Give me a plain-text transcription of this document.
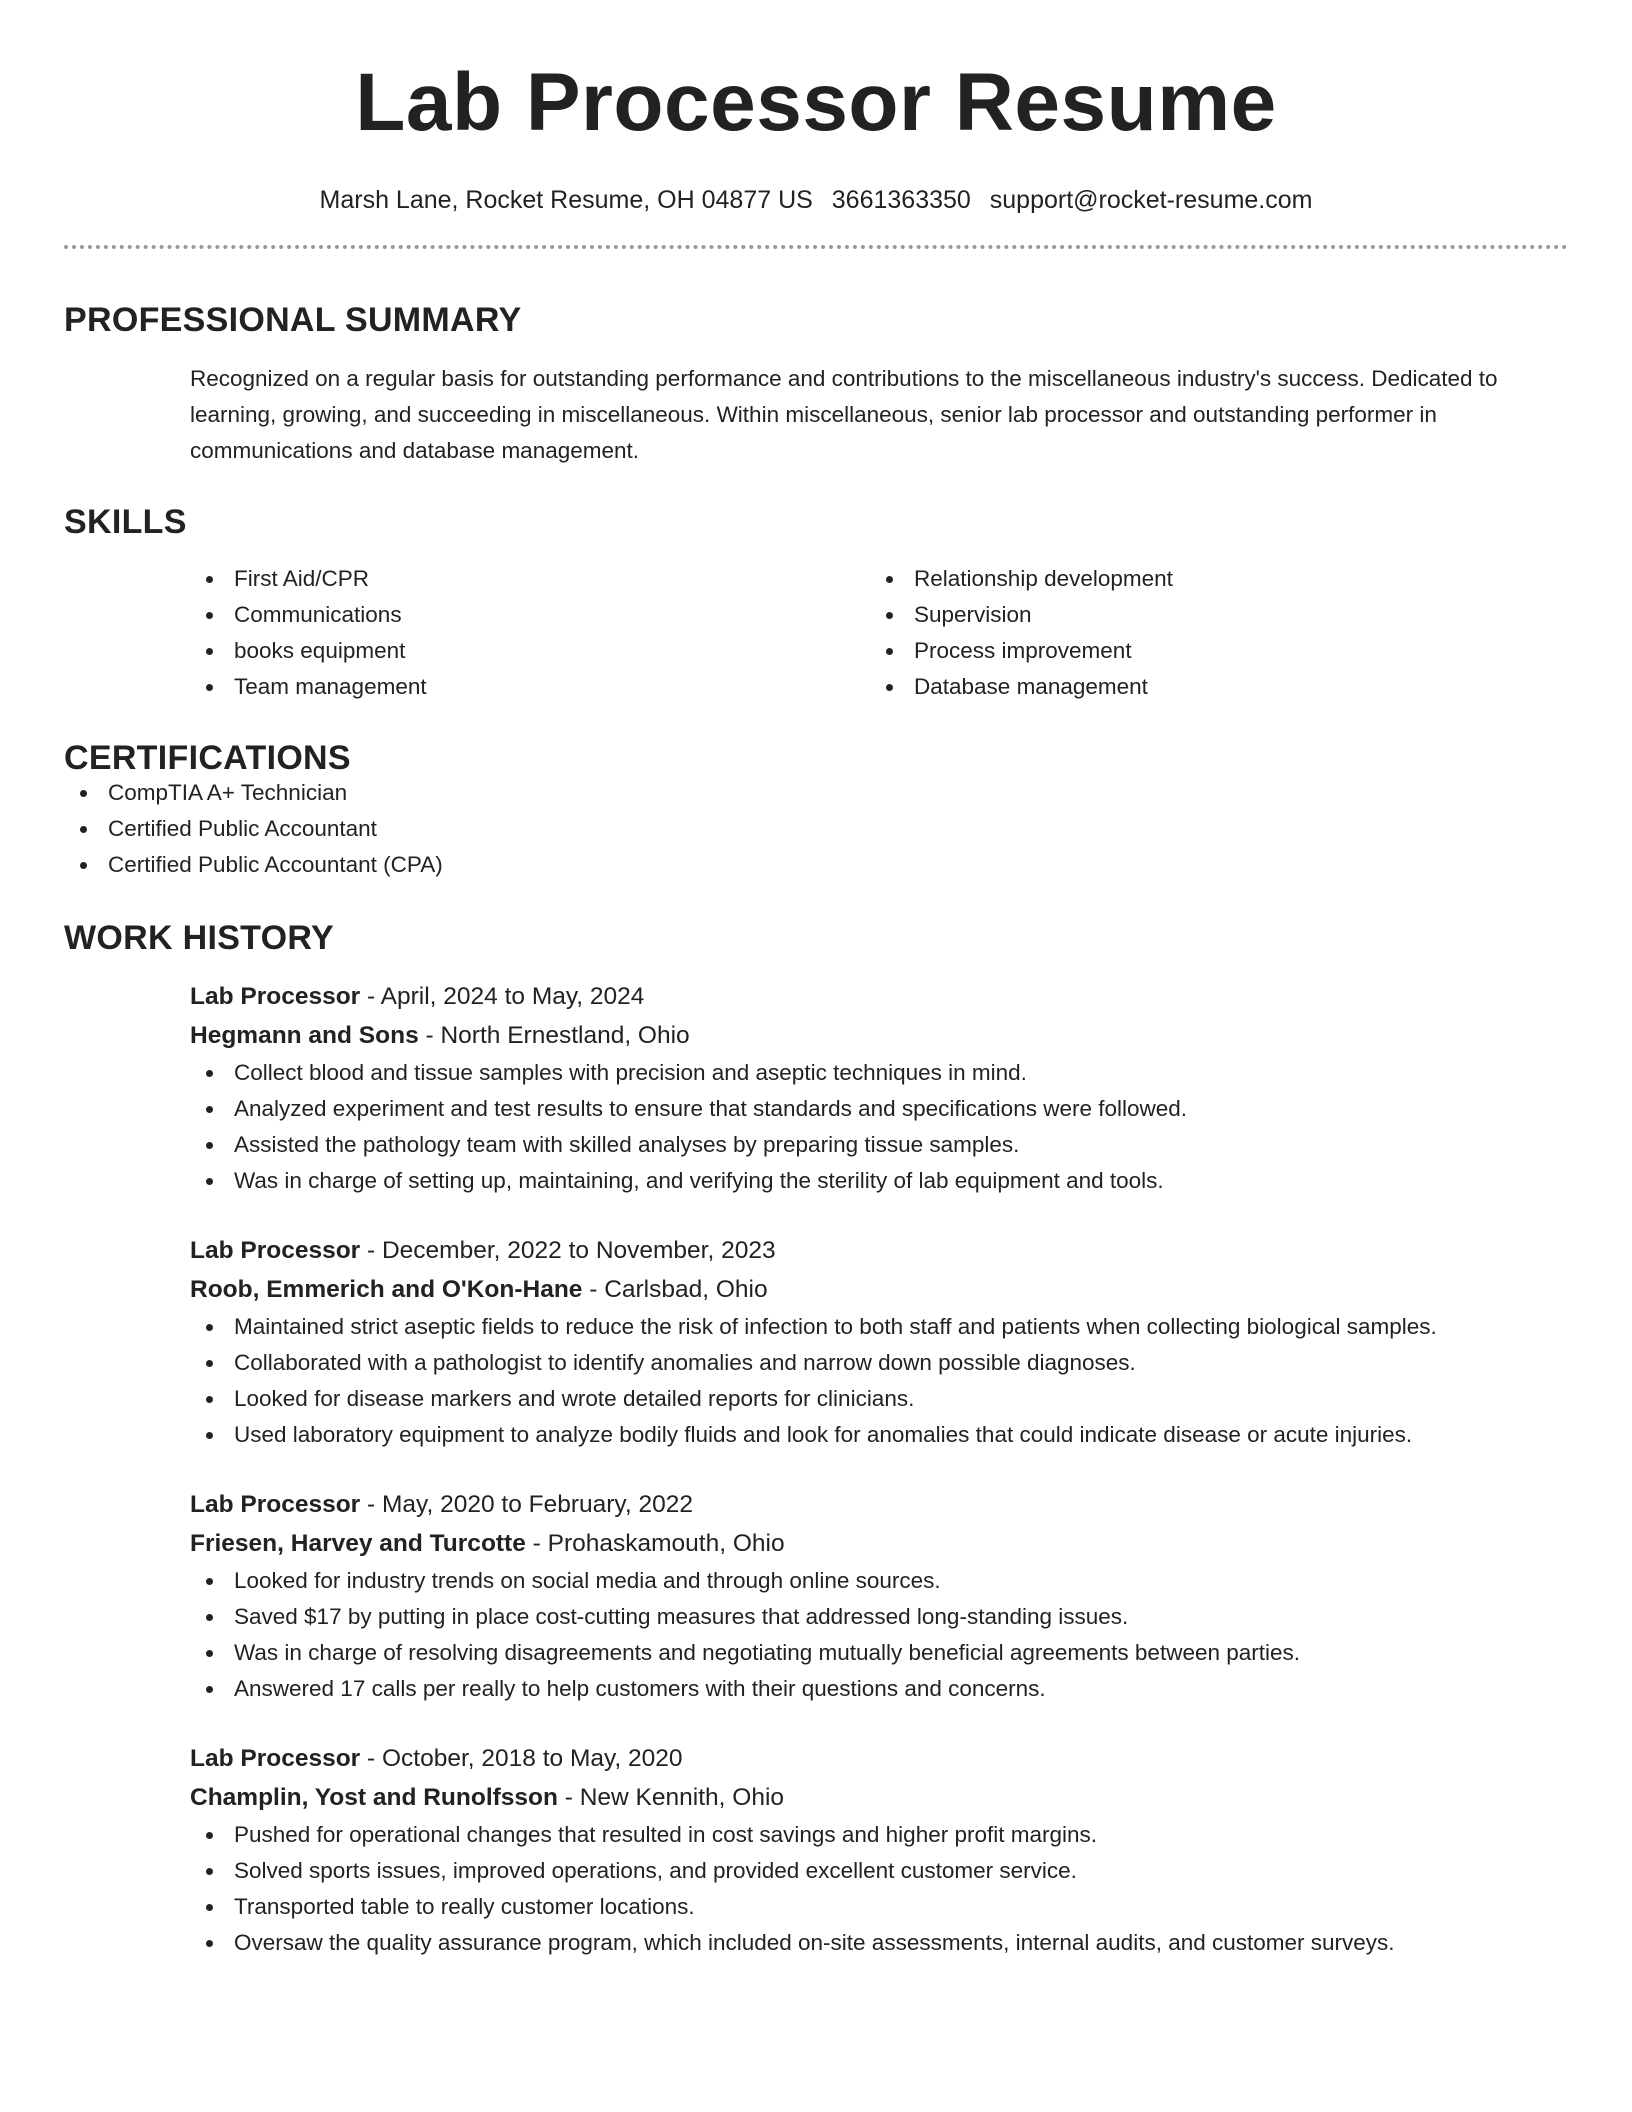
Lab Processor Resume
Marsh Lane, Rocket Resume, OH 04877 US 3661363350 support@rocket-resume.com
PROFESSIONAL SUMMARY
Recognized on a regular basis for outstanding performance and contributions to the miscellaneous industry's success. Dedicated to learning, growing, and succeeding in miscellaneous. Within miscellaneous, senior lab processor and outstanding performer in communications and database management.
SKILLS
First Aid/CPR
Communications
books equipment
Team management
Relationship development
Supervision
Process improvement
Database management
CERTIFICATIONS
CompTIA A+ Technician
Certified Public Accountant
Certified Public Accountant (CPA)
WORK HISTORY
Lab Processor - April, 2024 to May, 2024
Hegmann and Sons - North Ernestland, Ohio
Collect blood and tissue samples with precision and aseptic techniques in mind.
Analyzed experiment and test results to ensure that standards and specifications were followed.
Assisted the pathology team with skilled analyses by preparing tissue samples.
Was in charge of setting up, maintaining, and verifying the sterility of lab equipment and tools.
Lab Processor - December, 2022 to November, 2023
Roob, Emmerich and O'Kon-Hane - Carlsbad, Ohio
Maintained strict aseptic fields to reduce the risk of infection to both staff and patients when collecting biological samples.
Collaborated with a pathologist to identify anomalies and narrow down possible diagnoses.
Looked for disease markers and wrote detailed reports for clinicians.
Used laboratory equipment to analyze bodily fluids and look for anomalies that could indicate disease or acute injuries.
Lab Processor - May, 2020 to February, 2022
Friesen, Harvey and Turcotte - Prohaskamouth, Ohio
Looked for industry trends on social media and through online sources.
Saved $17 by putting in place cost-cutting measures that addressed long-standing issues.
Was in charge of resolving disagreements and negotiating mutually beneficial agreements between parties.
Answered 17 calls per really to help customers with their questions and concerns.
Lab Processor - October, 2018 to May, 2020
Champlin, Yost and Runolfsson - New Kennith, Ohio
Pushed for operational changes that resulted in cost savings and higher profit margins.
Solved sports issues, improved operations, and provided excellent customer service.
Transported table to really customer locations.
Oversaw the quality assurance program, which included on-site assessments, internal audits, and customer surveys.
